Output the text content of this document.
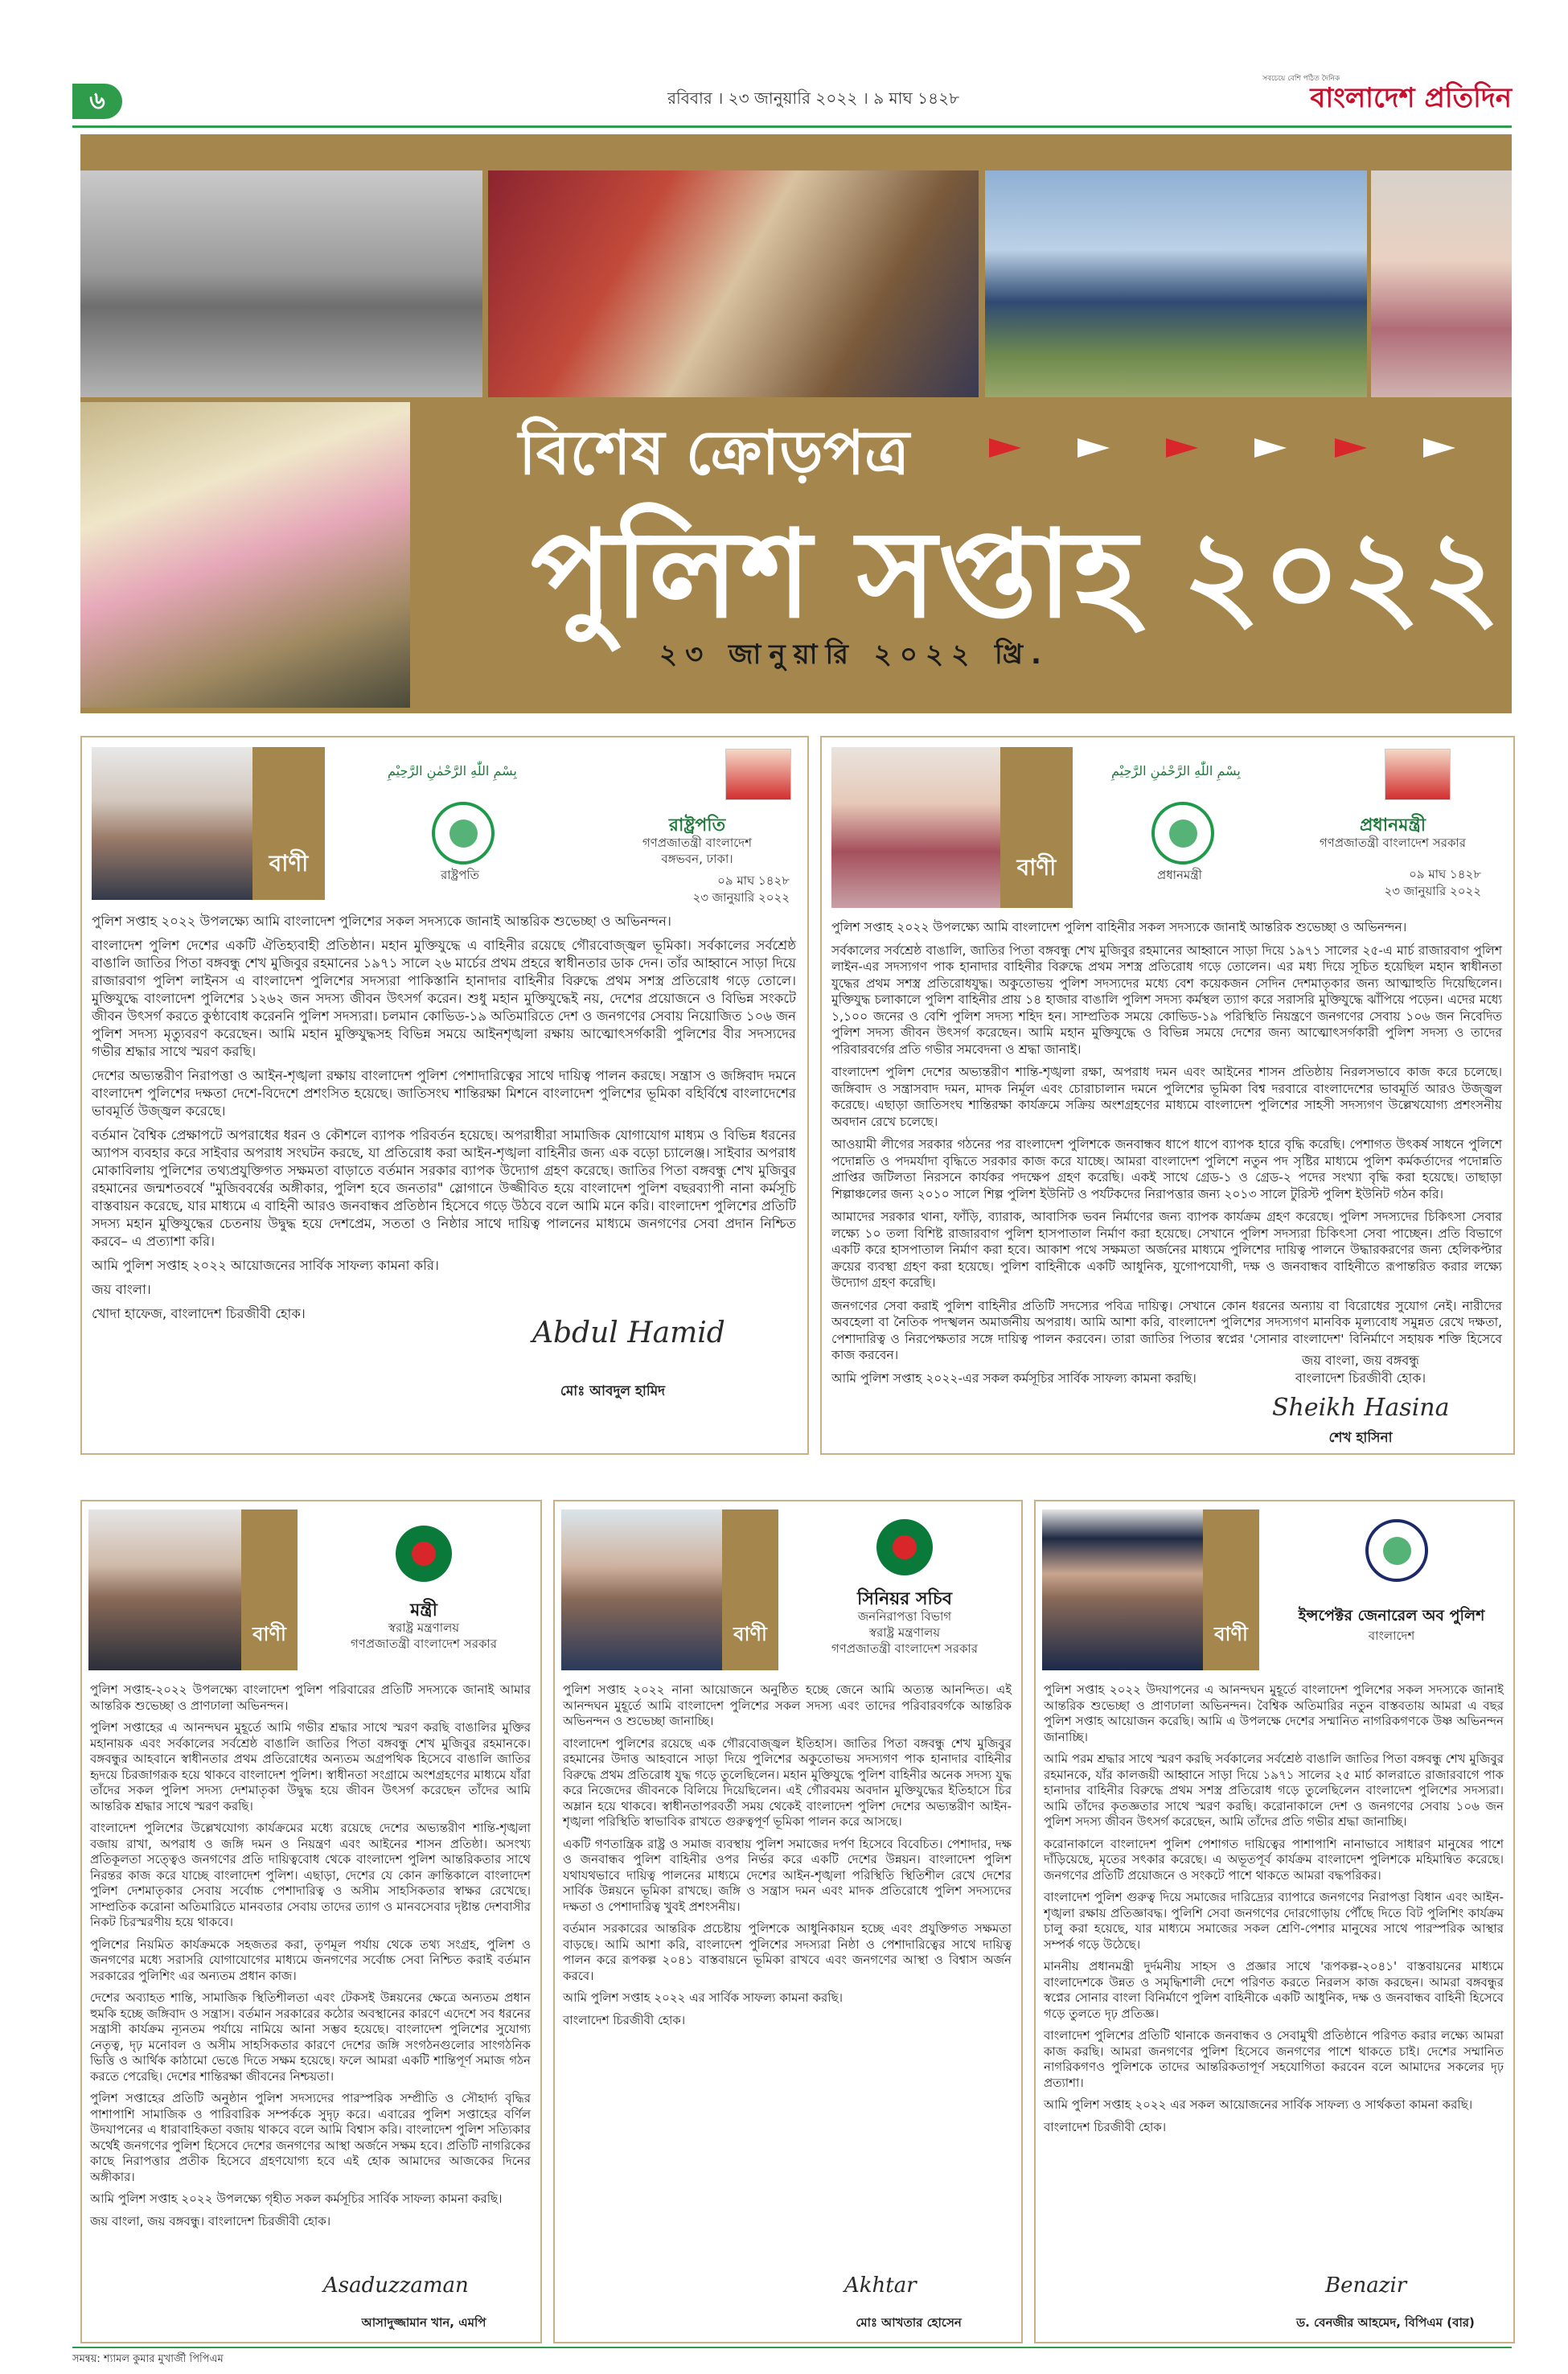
৬	রবিবার । ২৩ জানুয়ারি ২০২২ । ৯ মাঘ ১৪২৮
সবচেয়ে বেশি পঠিত দৈনিক
বাংলাদেশ প্রতিদিন
বিশেষ ক্রোড়পত্র
পুলিশ সপ্তাহ ২০২২
২৩ জানুয়ারি ২০২২ খ্রি.
বাণী
بِسْمِ اللّٰهِ الرَّحْمٰنِ الرَّحِيْمِ
রাষ্ট্রপতি
রাষ্ট্রপতি
গণপ্রজাতন্ত্রী বাংলাদেশ
বঙ্গভবন, ঢাকা।
০৯ মাঘ ১৪২৮
২৩ জানুয়ারি ২০২২

পুলিশ সপ্তাহ ২০২২ উপলক্ষ্যে আমি বাংলাদেশ পুলিশের সকল সদস্যকে জানাই আন্তরিক শুভেচ্ছা ও অভিনন্দন।

বাংলাদেশ পুলিশ দেশের একটি ঐতিহ্যবাহী প্রতিষ্ঠান। মহান মুক্তিযুদ্ধে এ বাহিনীর রয়েছে গৌরবোজ্জ্বল ভূমিকা। সর্বকালের সর্বশ্রেষ্ঠ বাঙালি জাতির পিতা বঙ্গবন্ধু শেখ মুজিবুর রহমানের ১৯৭১ সালে ২৬ মার্চের প্রথম প্রহরে স্বাধীনতার ডাক দেন। তাঁর আহ্বানে সাড়া দিয়ে রাজারবাগ পুলিশ লাইনস এ বাংলাদেশ পুলিশের সদস্যরা পাকিস্তানি হানাদার বাহিনীর বিরুদ্ধে প্রথম সশস্ত্র প্রতিরোধ গড়ে তোলে। মুক্তিযুদ্ধে বাংলাদেশ পুলিশের ১২৬২ জন সদস্য জীবন উৎসর্গ করেন। শুধু মহান মুক্তিযুদ্ধেই নয়, দেশের প্রয়োজনে ও বিভিন্ন সংকটে জীবন উৎসর্গ করতে কুণ্ঠাবোধ করেননি পুলিশ সদস্যরা। চলমান কোভিড-১৯ অতিমারিতে দেশ ও জনগণের সেবায় নিয়োজিত ১০৬ জন পুলিশ সদস্য মৃত্যুবরণ করেছেন। আমি মহান মুক্তিযুদ্ধসহ বিভিন্ন সময়ে আইনশৃঙ্খলা রক্ষায় আত্মোৎসর্গকারী পুলিশের বীর সদস্যদের গভীর শ্রদ্ধার সাথে স্মরণ করছি।

দেশের অভ্যন্তরীণ নিরাপত্তা ও আইন-শৃঙ্খলা রক্ষায় বাংলাদেশ পুলিশ পেশাদারিত্বের সাথে দায়িত্ব পালন করছে। সন্ত্রাস ও জঙ্গিবাদ দমনে বাংলাদেশ পুলিশের দক্ষতা দেশে-বিদেশে প্রশংসিত হয়েছে। জাতিসংঘ শান্তিরক্ষা মিশনে বাংলাদেশ পুলিশের ভূমিকা বহির্বিশ্বে বাংলাদেশের ভাবমূর্তি উজ্জ্বল করেছে।

বর্তমান বৈশ্বিক প্রেক্ষাপটে অপরাধের ধরন ও কৌশলে ব্যাপক পরিবর্তন হয়েছে। অপরাধীরা সামাজিক যোগাযোগ মাধ্যম ও বিভিন্ন ধরনের অ্যাপস ব্যবহার করে সাইবার অপরাধ সংঘটন করছে, যা প্রতিরোধ করা আইন-শৃঙ্খলা বাহিনীর জন্য এক বড়ো চ্যালেঞ্জ। সাইবার অপরাধ মোকাবিলায় পুলিশের তথ্যপ্রযুক্তিগত সক্ষমতা বাড়াতে বর্তমান সরকার ব্যাপক উদ্যোগ গ্রহণ করেছে। জাতির পিতা বঙ্গবন্ধু শেখ মুজিবুর রহমানের জন্মশতবর্ষে "মুজিববর্ষের অঙ্গীকার, পুলিশ হবে জনতার" স্লোগানে উজ্জীবিত হয়ে বাংলাদেশ পুলিশ বছরব্যাপী নানা কর্মসূচি বাস্তবায়ন করেছে, যার মাধ্যমে এ বাহিনী আরও জনবান্ধব প্রতিষ্ঠান হিসেবে গড়ে উঠবে বলে আমি মনে করি। বাংলাদেশ পুলিশের প্রতিটি সদস্য মহান মুক্তিযুদ্ধের চেতনায় উদ্বুদ্ধ হয়ে দেশপ্রেম, সততা ও নিষ্ঠার সাথে দায়িত্ব পালনের মাধ্যমে জনগণের সেবা প্রদান নিশ্চিত করবে– এ প্রত্যাশা করি।

আমি পুলিশ সপ্তাহ ২০২২ আয়োজনের সার্বিক সাফল্য কামনা করি।

জয় বাংলা।

খোদা হাফেজ, বাংলাদেশ চিরজীবী হোক।

Abdul Hamid
মোঃ আবদুল হামিদ
বাণী
بِسْمِ اللّٰهِ الرَّحْمٰنِ الرَّحِيْمِ
প্রধানমন্ত্রী
প্রধানমন্ত্রী
গণপ্রজাতন্ত্রী বাংলাদেশ সরকার
০৯ মাঘ ১৪২৮
২৩ জানুয়ারি ২০২২

পুলিশ সপ্তাহ ২০২২ উপলক্ষ্যে আমি বাংলাদেশ পুলিশ বাহিনীর সকল সদস্যকে জানাই আন্তরিক শুভেচ্ছা ও অভিনন্দন।

সর্বকালের সর্বশ্রেষ্ঠ বাঙালি, জাতির পিতা বঙ্গবন্ধু শেখ মুজিবুর রহমানের আহ্বানে সাড়া দিয়ে ১৯৭১ সালের ২৫-এ মার্চ রাজারবাগ পুলিশ লাইন-এর সদস্যগণ পাক হানাদার বাহিনীর বিরুদ্ধে প্রথম সশস্ত্র প্রতিরোধ গড়ে তোলেন। এর মধ্য দিয়ে সূচিত হয়েছিল মহান স্বাধীনতা যুদ্ধের প্রথম সশস্ত্র প্রতিরোধযুদ্ধ। অকুতোভয় পুলিশ সদস্যদের মধ্যে বেশ কয়েকজন সেদিন দেশমাতৃকার জন্য আত্মাহুতি দিয়েছিলেন। মুক্তিযুদ্ধ চলাকালে পুলিশ বাহিনীর প্রায় ১৪ হাজার বাঙালি পুলিশ সদস্য কর্মস্থল ত্যাগ করে সরাসরি মুক্তিযুদ্ধে ঝাঁপিয়ে পড়েন। এদের মধ্যে ১,১০০ জনের ও বেশি পুলিশ সদস্য শহিদ হন। সাম্প্রতিক সময়ে কোভিড-১৯ পরিস্থিতি নিয়ন্ত্রণে জনগণের সেবায় ১০৬ জন নিবেদিত পুলিশ সদস্য জীবন উৎসর্গ করেছেন। আমি মহান মুক্তিযুদ্ধে ও বিভিন্ন সময়ে দেশের জন্য আত্মোৎসর্গকারী পুলিশ সদস্য ও তাদের পরিবারবর্গের প্রতি গভীর সমবেদনা ও শ্রদ্ধা জানাই।

বাংলাদেশ পুলিশ দেশের অভ্যন্তরীণ শান্তি-শৃঙ্খলা রক্ষা, অপরাধ দমন এবং আইনের শাসন প্রতিষ্ঠায় নিরলসভাবে কাজ করে চলেছে। জঙ্গিবাদ ও সন্ত্রাসবাদ দমন, মাদক নির্মূল এবং চোরাচালান দমনে পুলিশের ভূমিকা বিশ্ব দরবারে বাংলাদেশের ভাবমূর্তি আরও উজ্জ্বল করেছে। এছাড়া জাতিসংঘ শান্তিরক্ষা কার্যক্রমে সক্রিয় অংশগ্রহণের মাধ্যমে বাংলাদেশ পুলিশের সাহসী সদস্যগণ উল্লেখযোগ্য প্রশংসনীয় অবদান রেখে চলেছে।

আওয়ামী লীগের সরকার গঠনের পর বাংলাদেশ পুলিশকে জনবান্ধব ধাপে ধাপে ব্যাপক হারে বৃদ্ধি করেছি। পেশাগত উৎকর্ষ সাধনে পুলিশে পদোন্নতি ও পদমর্যাদা বৃদ্ধিতে সরকার কাজ করে যাচ্ছে। আমরা বাংলাদেশ পুলিশে নতুন পদ সৃষ্টির মাধ্যমে পুলিশ কর্মকর্তাদের পদোন্নতি প্রাপ্তির জটিলতা নিরসনে কার্যকর পদক্ষেপ গ্রহণ করেছি। একই সাথে গ্রেড-১ ও গ্রেড-২ পদের সংখ্যা বৃদ্ধি করা হয়েছে। তাছাড়া শিল্পাঞ্চলের জন্য ২০১০ সালে শিল্প পুলিশ ইউনিট ও পর্যটকদের নিরাপত্তার জন্য ২০১৩ সালে টুরিস্ট পুলিশ ইউনিট গঠন করি।

আমাদের সরকার থানা, ফাঁড়ি, ব্যারাক, আবাসিক ভবন নির্মাণের জন্য ব্যাপক কার্যক্রম গ্রহণ করেছে। পুলিশ সদস্যদের চিকিৎসা সেবার লক্ষ্যে ১০ তলা বিশিষ্ট রাজারবাগ পুলিশ হাসপাতাল নির্মাণ করা হয়েছে। সেখানে পুলিশ সদস্যরা চিকিৎসা সেবা পাচ্ছেন। প্রতি বিভাগে একটি করে হাসপাতাল নির্মাণ করা হবে। আকাশ পথে সক্ষমতা অর্জনের মাধ্যমে পুলিশের দায়িত্ব পালনে উদ্ধারকরণের জন্য হেলিকপ্টার ক্রয়ের ব্যবস্থা গ্রহণ করা হয়েছে। পুলিশ বাহিনীকে একটি আধুনিক, যুগোপযোগী, দক্ষ ও জনবান্ধব বাহিনীতে রূপান্তরিত করার লক্ষ্যে উদ্যোগ গ্রহণ করেছি।

জনগণের সেবা করাই পুলিশ বাহিনীর প্রতিটি সদস্যের পবিত্র দায়িত্ব। সেখানে কোন ধরনের অন্যায় বা বিরোধের সুযোগ নেই। নারীদের অবহেলা বা নৈতিক পদস্খলন অমার্জনীয় অপরাধ। আমি আশা করি, বাংলাদেশ পুলিশের সদস্যগণ মানবিক মূল্যবোধ সমুন্নত রেখে দক্ষতা, পেশাদারিত্ব ও নিরপেক্ষতার সঙ্গে দায়িত্ব পালন করবেন। তারা জাতির পিতার স্বপ্নের 'সোনার বাংলাদেশ' বিনির্মাণে সহায়ক শক্তি হিসেবে কাজ করবেন।

আমি পুলিশ সপ্তাহ ২০২২-এর সকল কর্মসূচির সার্বিক সাফল্য কামনা করছি।

জয় বাংলা, জয় বঙ্গবন্ধু
বাংলাদেশ চিরজীবী হোক।
Sheikh Hasina
শেখ হাসিনা
বাণী
মন্ত্রী
স্বরাষ্ট্র মন্ত্রণালয়
গণপ্রজাতন্ত্রী বাংলাদেশ সরকার

পুলিশ সপ্তাহ-২০২২ উপলক্ষ্যে বাংলাদেশ পুলিশ পরিবারের প্রতিটি সদস্যকে জানাই আমার আন্তরিক শুভেচ্ছা ও প্রাণঢালা অভিনন্দন।

পুলিশ সপ্তাহের এ আনন্দঘন মুহূর্তে আমি গভীর শ্রদ্ধার সাথে স্মরণ করছি বাঙালির মুক্তির মহানায়ক এবং সর্বকালের সর্বশ্রেষ্ঠ বাঙালি জাতির পিতা বঙ্গবন্ধু শেখ মুজিবুর রহমানকে। বঙ্গবন্ধুর আহবানে স্বাধীনতার প্রথম প্রতিরোধের অন্যতম অগ্রপথিক হিসেবে বাঙালি জাতির হৃদয়ে চিরজাগরূক হয়ে থাকবে বাংলাদেশ পুলিশ। স্বাধীনতা সংগ্রামে অংশগ্রহণের মাধ্যমে যাঁরা তাঁদের সকল পুলিশ সদস্য দেশমাতৃকা উদ্বুদ্ধ হয়ে জীবন উৎসর্গ করেছেন তাঁদের আমি আন্তরিক শ্রদ্ধার সাথে স্মরণ করছি।

বাংলাদেশ পুলিশের উল্লেখযোগ্য কার্যক্রমের মধ্যে রয়েছে দেশের অভ্যন্তরীণ শান্তি-শৃঙ্খলা বজায় রাখা, অপরাধ ও জঙ্গি দমন ও নিয়ন্ত্রণ এবং আইনের শাসন প্রতিষ্ঠা। অসংখ্য প্রতিকূলতা সত্ত্বেও জনগণের প্রতি দায়িত্ববোধ থেকে বাংলাদেশ পুলিশ আন্তরিকতার সাথে নিরন্তর কাজ করে যাচ্ছে বাংলাদেশ পুলিশ। এছাড়া, দেশের যে কোন ক্রান্তিকালে বাংলাদেশ পুলিশ দেশমাতৃকার সেবায় সর্বোচ্চ পেশাদারিত্ব ও অসীম সাহসিকতার স্বাক্ষর রেখেছে। সাম্প্রতিক করোনা অতিমারিতে মানবতার সেবায় তাদের ত্যাগ ও মানবসেবার দৃষ্টান্ত দেশবাসীর নিকট চিরস্মরণীয় হয়ে থাকবে।

পুলিশের নিয়মিত কার্যক্রমকে সহজতর করা, তৃণমূল পর্যায় থেকে তথ্য সংগ্রহ, পুলিশ ও জনগণের মধ্যে সরাসরি যোগাযোগের মাধ্যমে জনগণের সর্বোচ্চ সেবা নিশ্চিত করাই বর্তমান সরকারের পুলিশিং এর অন্যতম প্রধান কাজ।

দেশের অব্যাহত শান্তি, সামাজিক স্থিতিশীলতা এবং টেকসই উন্নয়নের ক্ষেত্রে অন্যতম প্রধান হুমকি হচ্ছে জঙ্গিবাদ ও সন্ত্রাস। বর্তমান সরকারের কঠোর অবস্থানের কারণে এদেশে সব ধরনের সন্ত্রাসী কার্যক্রম ন্যূনতম পর্যায়ে নামিয়ে আনা সম্ভব হয়েছে। বাংলাদেশ পুলিশের সুযোগ্য নেতৃত্ব, দৃঢ় মনোবল ও অসীম সাহসিকতার কারণে দেশের জঙ্গি সংগঠনগুলোর সাংগঠনিক ভিত্তি ও আর্থিক কাঠামো ভেঙে দিতে সক্ষম হয়েছে। ফলে আমরা একটি শান্তিপূর্ণ সমাজ গঠন করতে পেরেছি। দেশের শান্তিরক্ষা জীবনের নিশ্চয়তা।

পুলিশ সপ্তাহের প্রতিটি অনুষ্ঠান পুলিশ সদস্যদের পারস্পরিক সম্প্রীতি ও সৌহার্দ্য বৃদ্ধির পাশাপাশি সামাজিক ও পারিবারিক সম্পর্ককে সুদৃঢ় করে। এবারের পুলিশ সপ্তাহের বর্ণিল উদযাপনের এ ধারাবাহিকতা বজায় থাকবে বলে আমি বিশ্বাস করি। বাংলাদেশ পুলিশ সত্যিকার অর্থেই জনগণের পুলিশ হিসেবে দেশের জনগণের আস্থা অর্জনে সক্ষম হবে। প্রতিটি নাগরিকের কাছে নিরাপত্তার প্রতীক হিসেবে গ্রহণযোগ্য হবে এই হোক আমাদের আজকের দিনের অঙ্গীকার।

আমি পুলিশ সপ্তাহ ২০২২ উপলক্ষ্যে গৃহীত সকল কর্মসূচির সার্বিক সাফল্য কামনা করছি।

জয় বাংলা, জয় বঙ্গবন্ধু। বাংলাদেশ চিরজীবী হোক।

Asaduzzaman
আসাদুজ্জামান খান, এমপি
বাণী
সিনিয়র সচিব
জননিরাপত্তা বিভাগ
স্বরাষ্ট্র মন্ত্রণালয়
গণপ্রজাতন্ত্রী বাংলাদেশ সরকার

পুলিশ সপ্তাহ ২০২২ নানা আয়োজনে অনুষ্ঠিত হচ্ছে জেনে আমি অত্যন্ত আনন্দিত। এই আনন্দঘন মুহূর্তে আমি বাংলাদেশ পুলিশের সকল সদস্য এবং তাদের পরিবারবর্গকে আন্তরিক অভিনন্দন ও শুভেচ্ছা জানাচ্ছি।

বাংলাদেশ পুলিশের রয়েছে এক গৌরবোজ্জ্বল ইতিহাস। জাতির পিতা বঙ্গবন্ধু শেখ মুজিবুর রহমানের উদাত্ত আহবানে সাড়া দিয়ে পুলিশের অকুতোভয় সদস্যগণ পাক হানাদার বাহিনীর বিরুদ্ধে প্রথম প্রতিরোধ যুদ্ধ গড়ে তুলেছিলেন। মহান মুক্তিযুদ্ধে পুলিশ বাহিনীর অনেক সদস্য যুদ্ধ করে নিজেদের জীবনকে বিলিয়ে দিয়েছিলেন। এই গৌরবময় অবদান মুক্তিযুদ্ধের ইতিহাসে চির অম্লান হয়ে থাকবে। স্বাধীনতাপরবর্তী সময় থেকেই বাংলাদেশ পুলিশ দেশের অভ্যন্তরীণ আইন-শৃঙ্খলা পরিস্থিতি স্বাভাবিক রাখতে গুরুত্বপূর্ণ ভূমিকা পালন করে আসছে।

একটি গণতান্ত্রিক রাষ্ট্র ও সমাজ ব্যবস্থায় পুলিশ সমাজের দর্পণ হিসেবে বিবেচিত। পেশাদার, দক্ষ ও জনবান্ধব পুলিশ বাহিনীর ওপর নির্ভর করে একটি দেশের উন্নয়ন। বাংলাদেশ পুলিশ যথাযথভাবে দায়িত্ব পালনের মাধ্যমে দেশের আইন-শৃঙ্খলা পরিস্থিতি স্থিতিশীল রেখে দেশের সার্বিক উন্নয়নে ভূমিকা রাখছে। জঙ্গি ও সন্ত্রাস দমন এবং মাদক প্রতিরোধে পুলিশ সদস্যদের দক্ষতা ও পেশাদারিত্ব খুবই প্রশংসনীয়।

বর্তমান সরকারের আন্তরিক প্রচেষ্টায় পুলিশকে আধুনিকায়ন হচ্ছে এবং প্রযুক্তিগত সক্ষমতা বাড়ছে। আমি আশা করি, বাংলাদেশ পুলিশের সদস্যরা নিষ্ঠা ও পেশাদারিত্বের সাথে দায়িত্ব পালন করে রূপকল্প ২০৪১ বাস্তবায়নে ভূমিকা রাখবে এবং জনগণের আস্থা ও বিশ্বাস অর্জন করবে।

আমি পুলিশ সপ্তাহ ২০২২ এর সার্বিক সাফল্য কামনা করছি।

বাংলাদেশ চিরজীবী হোক।

Akhtar
মোঃ আখতার হোসেন
বাণী
ইন্সপেক্টর জেনারেল অব পুলিশ
বাংলাদেশ

পুলিশ সপ্তাহ ২০২২ উদযাপনের এ আনন্দঘন মুহূর্তে বাংলাদেশ পুলিশের সকল সদস্যকে জানাই আন্তরিক শুভেচ্ছা ও প্রাণঢালা অভিনন্দন। বৈশ্বিক অতিমারির নতুন বাস্তবতায় আমরা এ বছর পুলিশ সপ্তাহ আয়োজন করেছি। আমি এ উপলক্ষে দেশের সম্মানিত নাগরিকগণকে উষ্ণ অভিনন্দন জানাচ্ছি।

আমি পরম শ্রদ্ধার সাথে স্মরণ করছি সর্বকালের সর্বশ্রেষ্ঠ বাঙালি জাতির পিতা বঙ্গবন্ধু শেখ মুজিবুর রহমানকে, যাঁর কালজয়ী আহ্বানে সাড়া দিয়ে ১৯৭১ সালের ২৫ মার্চ কালরাতে রাজারবাগে পাক হানাদার বাহিনীর বিরুদ্ধে প্রথম সশস্ত্র প্রতিরোধ গড়ে তুলেছিলেন বাংলাদেশ পুলিশের সদস্যরা। আমি তাঁদের কৃতজ্ঞতার সাথে স্মরণ করছি। করোনাকালে দেশ ও জনগণের সেবায় ১০৬ জন পুলিশ সদস্য জীবন উৎসর্গ করেছেন, আমি তাঁদের প্রতি গভীর শ্রদ্ধা জানাচ্ছি।

করোনাকালে বাংলাদেশ পুলিশ পেশাগত দায়িত্বের পাশাপাশি নানাভাবে সাধারণ মানুষের পাশে দাঁড়িয়েছে, মৃতের সৎকার করেছে। এ অভূতপূর্ব কার্যক্রম বাংলাদেশ পুলিশকে মহিমান্বিত করেছে। জনগণের প্রতিটি প্রয়োজনে ও সংকটে পাশে থাকতে আমরা বদ্ধপরিকর।

বাংলাদেশ পুলিশ গুরুত্ব দিয়ে সমাজের দারিদ্র্যের ব্যাপারে জনগণের নিরাপত্তা বিধান এবং আইন-শৃঙ্খলা রক্ষায় প্রতিজ্ঞাবদ্ধ। পুলিশি সেবা জনগণের দোরগোড়ায় পৌঁছে দিতে বিট পুলিশিং কার্যক্রম চালু করা হয়েছে, যার মাধ্যমে সমাজের সকল শ্রেণি-পেশার মানুষের সাথে পারস্পরিক আস্থার সম্পর্ক গড়ে উঠেছে।

মাননীয় প্রধানমন্ত্রী দুর্দমনীয় সাহস ও প্রজ্ঞার সাথে 'রূপকল্প-২০৪১' বাস্তবায়নের মাধ্যমে বাংলাদেশকে উন্নত ও সমৃদ্ধিশালী দেশে পরিণত করতে নিরলস কাজ করছেন। আমরা বঙ্গবন্ধুর স্বপ্নের সোনার বাংলা বিনির্মাণে পুলিশ বাহিনীকে একটি আধুনিক, দক্ষ ও জনবান্ধব বাহিনী হিসেবে গড়ে তুলতে দৃঢ় প্রতিজ্ঞ।

বাংলাদেশ পুলিশের প্রতিটি থানাকে জনবান্ধব ও সেবামুখী প্রতিষ্ঠানে পরিণত করার লক্ষ্যে আমরা কাজ করছি। আমরা জনগণের পুলিশ হিসেবে জনগণের পাশে থাকতে চাই। দেশের সম্মানিত নাগরিকগণও পুলিশকে তাদের আন্তরিকতাপূর্ণ সহযোগিতা করবেন বলে আমাদের সকলের দৃঢ় প্রত্যাশা।

আমি পুলিশ সপ্তাহ ২০২২ এর সকল আয়োজনের সার্বিক সাফল্য ও সার্থকতা কামনা করছি।

বাংলাদেশ চিরজীবী হোক।

Benazir
ড. বেনজীর আহমেদ, বিপিএম (বার)
সমন্বয়: শ্যামল কুমার মুখার্জী পিপিএম
